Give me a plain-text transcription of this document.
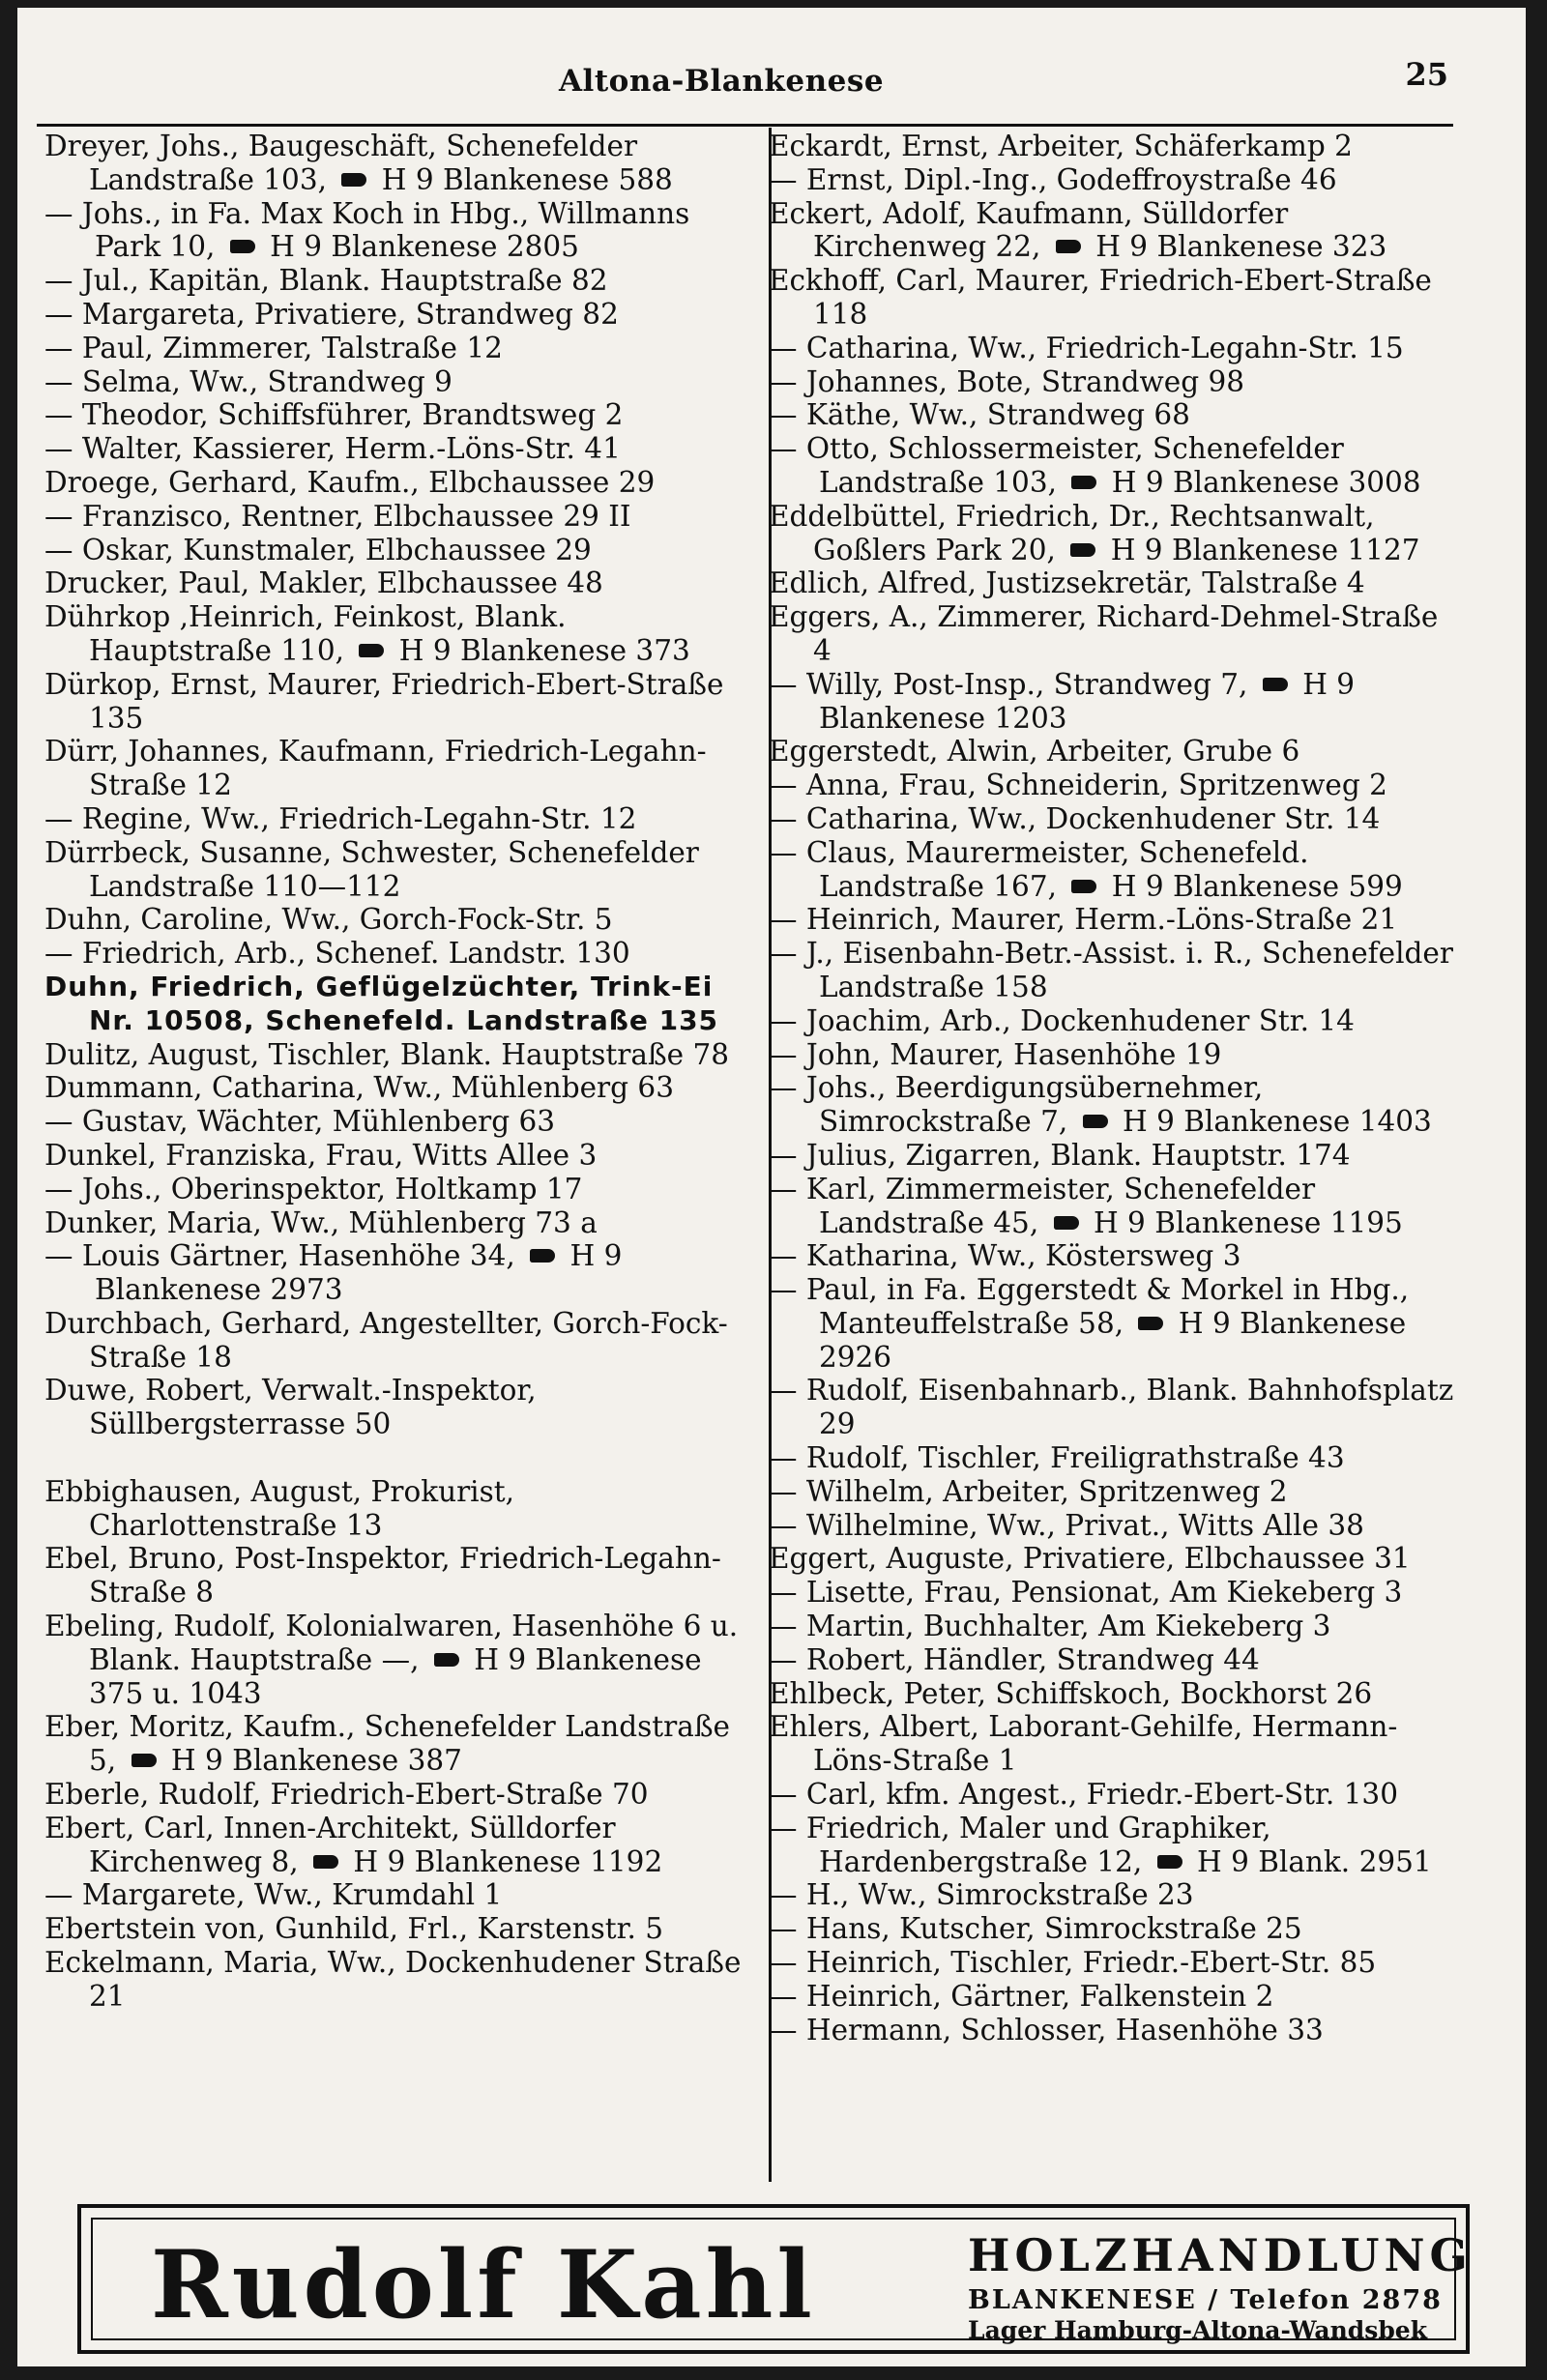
Altona-Blankenese	25
Dreyer, Johs., Baugeschäft, Schenefelder Landstraße 103,  H 9 Blankenese 588
— Johs., in Fa. Max Koch in Hbg., Willmanns Park 10,  H 9 Blankenese 2805
— Jul., Kapitän, Blank. Hauptstraße 82
— Margareta, Privatiere, Strandweg 82
— Paul, Zimmerer, Talstraße 12
— Selma, Ww., Strandweg 9
— Theodor, Schiffsführer, Brandtsweg 2
— Walter, Kassierer, Herm.-Löns-Str. 41
Droege, Gerhard, Kaufm., Elbchaussee 29
— Franzisco, Rentner, Elbchaussee 29 II
— Oskar, Kunstmaler, Elbchaussee 29
Drucker, Paul, Makler, Elbchaussee 48
Dührkop ,Heinrich, Feinkost, Blank. Hauptstraße 110,  H 9 Blankenese 373
Dürkop, Ernst, Maurer, Friedrich-Ebert-Straße 135
Dürr, Johannes, Kaufmann, Friedrich-Legahn-Straße 12
— Regine, Ww., Friedrich-Legahn-Str. 12
Dürrbeck, Susanne, Schwester, Schenefelder Landstraße 110—112
Duhn, Caroline, Ww., Gorch-Fock-Str. 5
— Friedrich, Arb., Schenef. Landstr. 130
Duhn, Friedrich, Geflügelzüchter, Trink-Ei Nr. 10508, Schenefeld. Landstraße 135
Dulitz, August, Tischler, Blank. Hauptstraße 78
Dummann, Catharina, Ww., Mühlenberg 63
— Gustav, Wächter, Mühlenberg 63
Dunkel, Franziska, Frau, Witts Allee 3
— Johs., Oberinspektor, Holtkamp 17
Dunker, Maria, Ww., Mühlenberg 73 a
— Louis Gärtner, Hasenhöhe 34,  H 9 Blankenese 2973
Durchbach, Gerhard, Angestellter, Gorch-Fock-Straße 18
Duwe, Robert, Verwalt.-Inspektor, Süllbergsterrasse 50
Ebbighausen, August, Prokurist, Charlottenstraße 13
Ebel, Bruno, Post-Inspektor, Friedrich-Legahn-Straße 8
Ebeling, Rudolf, Kolonialwaren, Hasenhöhe 6 u. Blank. Hauptstraße —,  H 9 Blankenese 375 u. 1043
Eber, Moritz, Kaufm., Schenefelder Landstraße 5,  H 9 Blankenese 387
Eberle, Rudolf, Friedrich-Ebert-Straße 70
Ebert, Carl, Innen-Architekt, Sülldorfer Kirchenweg 8,  H 9 Blankenese 1192
— Margarete, Ww., Krumdahl 1
Ebertstein von, Gunhild, Frl., Karstenstr. 5
Eckelmann, Maria, Ww., Dockenhudener Straße 21
Eckardt, Ernst, Arbeiter, Schäferkamp 2
— Ernst, Dipl.-Ing., Godeffroystraße 46
Eckert, Adolf, Kaufmann, Sülldorfer Kirchenweg 22,  H 9 Blankenese 323
Eckhoff, Carl, Maurer, Friedrich-Ebert-Straße 118
— Catharina, Ww., Friedrich-Legahn-Str. 15
— Johannes, Bote, Strandweg 98
— Käthe, Ww., Strandweg 68
— Otto, Schlossermeister, Schenefelder Landstraße 103,  H 9 Blankenese 3008
Eddelbüttel, Friedrich, Dr., Rechtsanwalt, Goßlers Park 20,  H 9 Blankenese 1127
Edlich, Alfred, Justizsekretär, Talstraße 4
Eggers, A., Zimmerer, Richard-Dehmel-Straße 4
— Willy, Post-Insp., Strandweg 7,  H 9 Blankenese 1203
Eggerstedt, Alwin, Arbeiter, Grube 6
— Anna, Frau, Schneiderin, Spritzenweg 2
— Catharina, Ww., Dockenhudener Str. 14
— Claus, Maurermeister, Schenefeld. Landstraße 167,  H 9 Blankenese 599
— Heinrich, Maurer, Herm.-Löns-Straße 21
— J., Eisenbahn-Betr.-Assist. i. R., Schenefelder Landstraße 158
— Joachim, Arb., Dockenhudener Str. 14
— John, Maurer, Hasenhöhe 19
— Johs., Beerdigungsübernehmer, Simrockstraße 7,  H 9 Blankenese 1403
— Julius, Zigarren, Blank. Hauptstr. 174
— Karl, Zimmermeister, Schenefelder Landstraße 45,  H 9 Blankenese 1195
— Katharina, Ww., Köstersweg 3
— Paul, in Fa. Eggerstedt & Morkel in Hbg., Manteuffelstraße 58,  H 9 Blankenese 2926
— Rudolf, Eisenbahnarb., Blank. Bahnhofsplatz 29
— Rudolf, Tischler, Freiligrathstraße 43
— Wilhelm, Arbeiter, Spritzenweg 2
— Wilhelmine, Ww., Privat., Witts Alle 38
Eggert, Auguste, Privatiere, Elbchaussee 31
— Lisette, Frau, Pensionat, Am Kiekeberg 3
— Martin, Buchhalter, Am Kiekeberg 3
— Robert, Händler, Strandweg 44
Ehlbeck, Peter, Schiffskoch, Bockhorst 26
Ehlers, Albert, Laborant-Gehilfe, Hermann-Löns-Straße 1
— Carl, kfm. Angest., Friedr.-Ebert-Str. 130
— Friedrich, Maler und Graphiker, Hardenbergstraße 12,  H 9 Blank. 2951
— H., Ww., Simrockstraße 23
— Hans, Kutscher, Simrockstraße 25
— Heinrich, Tischler, Friedr.-Ebert-Str. 85
— Heinrich, Gärtner, Falkenstein 2
— Hermann, Schlosser, Hasenhöhe 33
Rudolf Kahl	HOLZHANDLUNG
BLANKENESE / Telefon 2878
Lager Hamburg-Altona-Wandsbek
